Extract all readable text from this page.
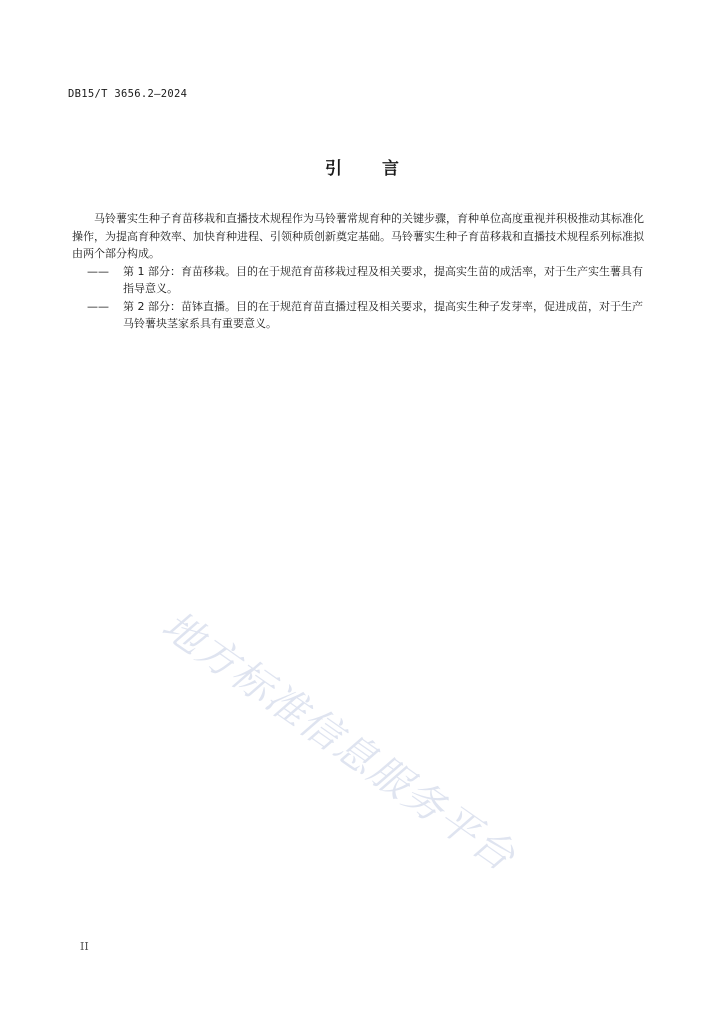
DB15/T 3656.2—2024
引言

马铃薯实生种子育苗移栽和直播技术规程作为马铃薯常规育种的关键步骤，育种单位高度重视并积极推动其标准化操作，为提高育种效率、加快育种进程、引领种质创新奠定基础。马铃薯实生种子育苗移栽和直播技术规程系列标准拟由两个部分构成。

——	第 1 部分：育苗移栽。目的在于规范育苗移栽过程及相关要求，提高实生苗的成活率，对于生产实生薯具有指导意义。
——	第 2 部分：苗钵直播。目的在于规范育苗直播过程及相关要求，提高实生种子发芽率，促进成苗，对于生产马铃薯块茎家系具有重要意义。
地方标准信息服务平台
II
